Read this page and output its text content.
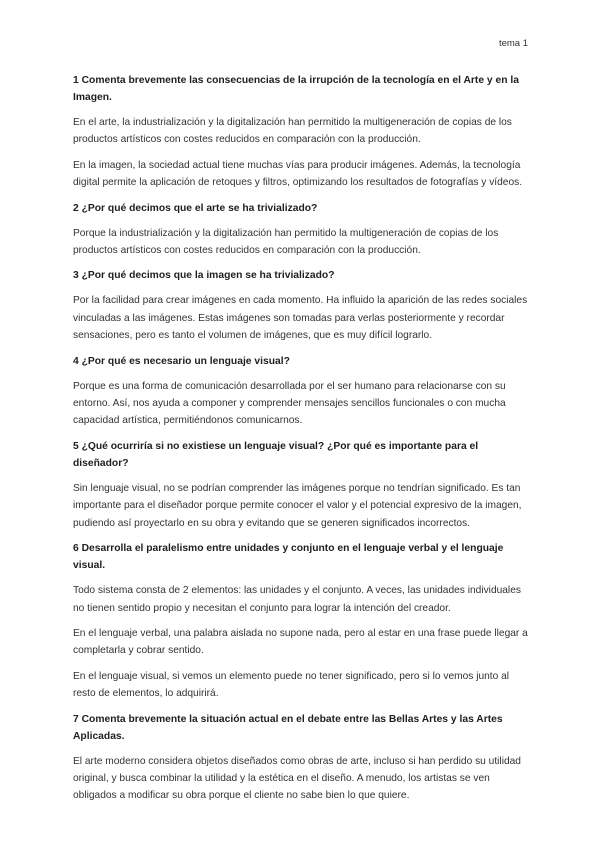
tema 1
1 Comenta brevemente las consecuencias de la irrupción de la tecnología en el Arte y en la Imagen.
En el arte, la industrialización y la digitalización han permitido la multigeneración de copias de los productos artísticos con costes reducidos en comparación con la producción.
En la imagen, la sociedad actual tiene muchas vías para producir imágenes. Además, la tecnología digital permite la aplicación de retoques y filtros, optimizando los resultados de fotografías y vídeos.
2 ¿Por qué decimos que el arte se ha trivializado?
Porque la industrialización y la digitalización han permitido la multigeneración de copias de los productos artísticos con costes reducidos en comparación con la producción.
3 ¿Por qué decimos que la imagen se ha trivializado?
Por la facilidad para crear imágenes en cada momento. Ha influido la aparición de las redes sociales vinculadas a las imágenes. Estas imágenes son tomadas para verlas posteriormente y recordar sensaciones, pero es tanto el volumen de imágenes, que es muy difícil lograrlo.
4 ¿Por qué es necesario un lenguaje visual?
Porque es una forma de comunicación desarrollada por el ser humano para relacionarse con su entorno. Así, nos ayuda a componer y comprender mensajes sencillos funcionales o con mucha capacidad artística, permitiéndonos comunicarnos.
5 ¿Qué ocurriría si no existiese un lenguaje visual? ¿Por qué es importante para el diseñador?
Sin lenguaje visual, no se podrían comprender las imágenes porque no tendrían significado. Es tan importante para el diseñador porque permite conocer el valor y el potencial expresivo de la imagen, pudiendo así proyectarlo en su obra y evitando que se generen significados incorrectos.
6 Desarrolla el paralelismo entre unidades y conjunto en el lenguaje verbal y el lenguaje visual.
Todo sistema consta de 2 elementos: las unidades y el conjunto. A veces, las unidades individuales no tienen sentido propio y necesitan el conjunto para lograr la intención del creador.
En el lenguaje verbal, una palabra aislada no supone nada, pero al estar en una frase puede llegar a completarla y cobrar sentido.
En el lenguaje visual, si vemos un elemento puede no tener significado, pero si lo vemos junto al resto de elementos, lo adquirirá.
7 Comenta brevemente la situación actual en el debate entre las Bellas Artes y las Artes Aplicadas.
El arte moderno considera objetos diseñados como obras de arte, incluso si han perdido su utilidad original, y busca combinar la utilidad y la estética en el diseño. A menudo, los artistas se ven obligados a modificar su obra porque el cliente no sabe bien lo que quiere.
